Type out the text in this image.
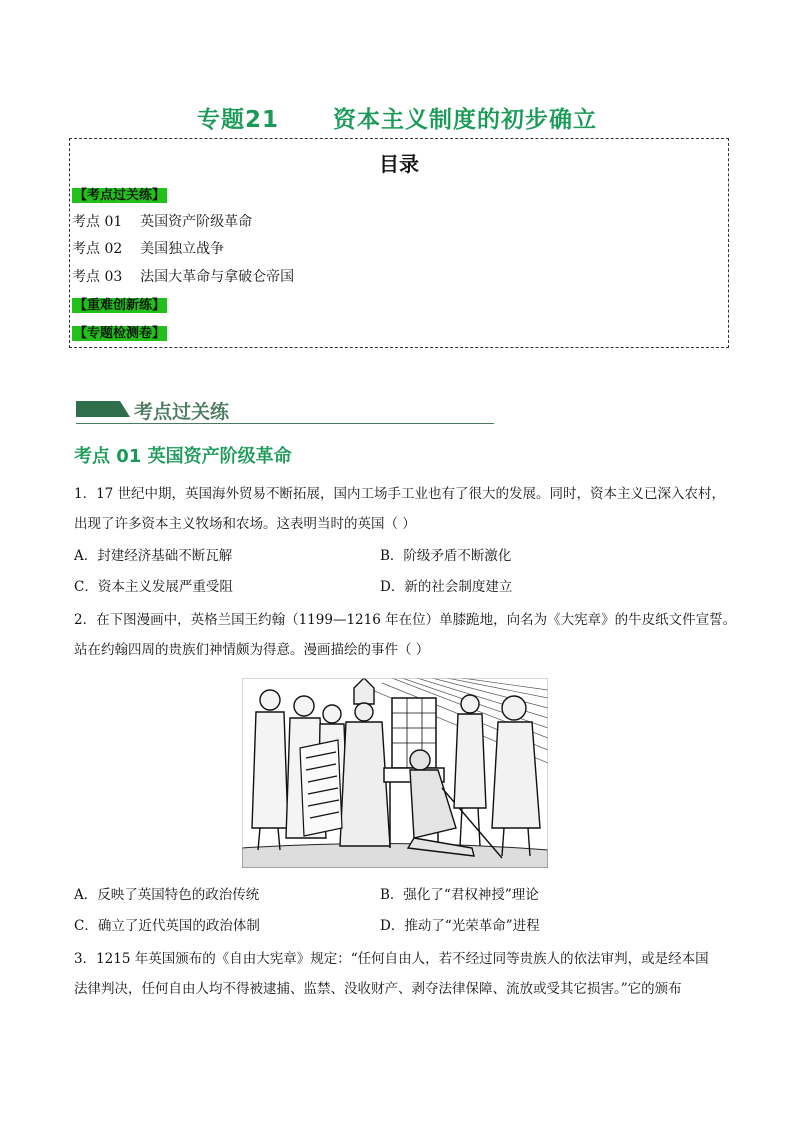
专题21      资本主义制度的初步确立
目录
【考点过关练】
考点 01    英国资产阶级革命
考点 02    美国独立战争
考点 03    法国大革命与拿破仑帝国
【重难创新练】
【专题检测卷】
考点过关练
考点 01 英国资产阶级革命
1．17 世纪中期，英国海外贸易不断拓展，国内工场手工业也有了很大的发展。同时，资本主义已深入农村，
出现了许多资本主义牧场和农场。这表明当时的英国（ ）
A．封建经济基础不断瓦解	B．阶级矛盾不断激化
C．资本主义发展严重受阻	D．新的社会制度建立
2．在下图漫画中，英格兰国王约翰（1199—1216 年在位）单膝跪地，向名为《大宪章》的牛皮纸文件宣誓。
站在约翰四周的贵族们神情颇为得意。漫画描绘的事件（ ）
A．反映了英国特色的政治传统	B．强化了“君权神授”理论
C．确立了近代英国的政治体制	D．推动了“光荣革命”进程
3．1215 年英国颁布的《自由大宪章》规定：“任何自由人，若不经过同等贵族人的依法审判，或是经本国
法律判决，任何自由人均不得被逮捕、监禁、没收财产、剥夺法律保障、流放或受其它损害。”它的颁布
